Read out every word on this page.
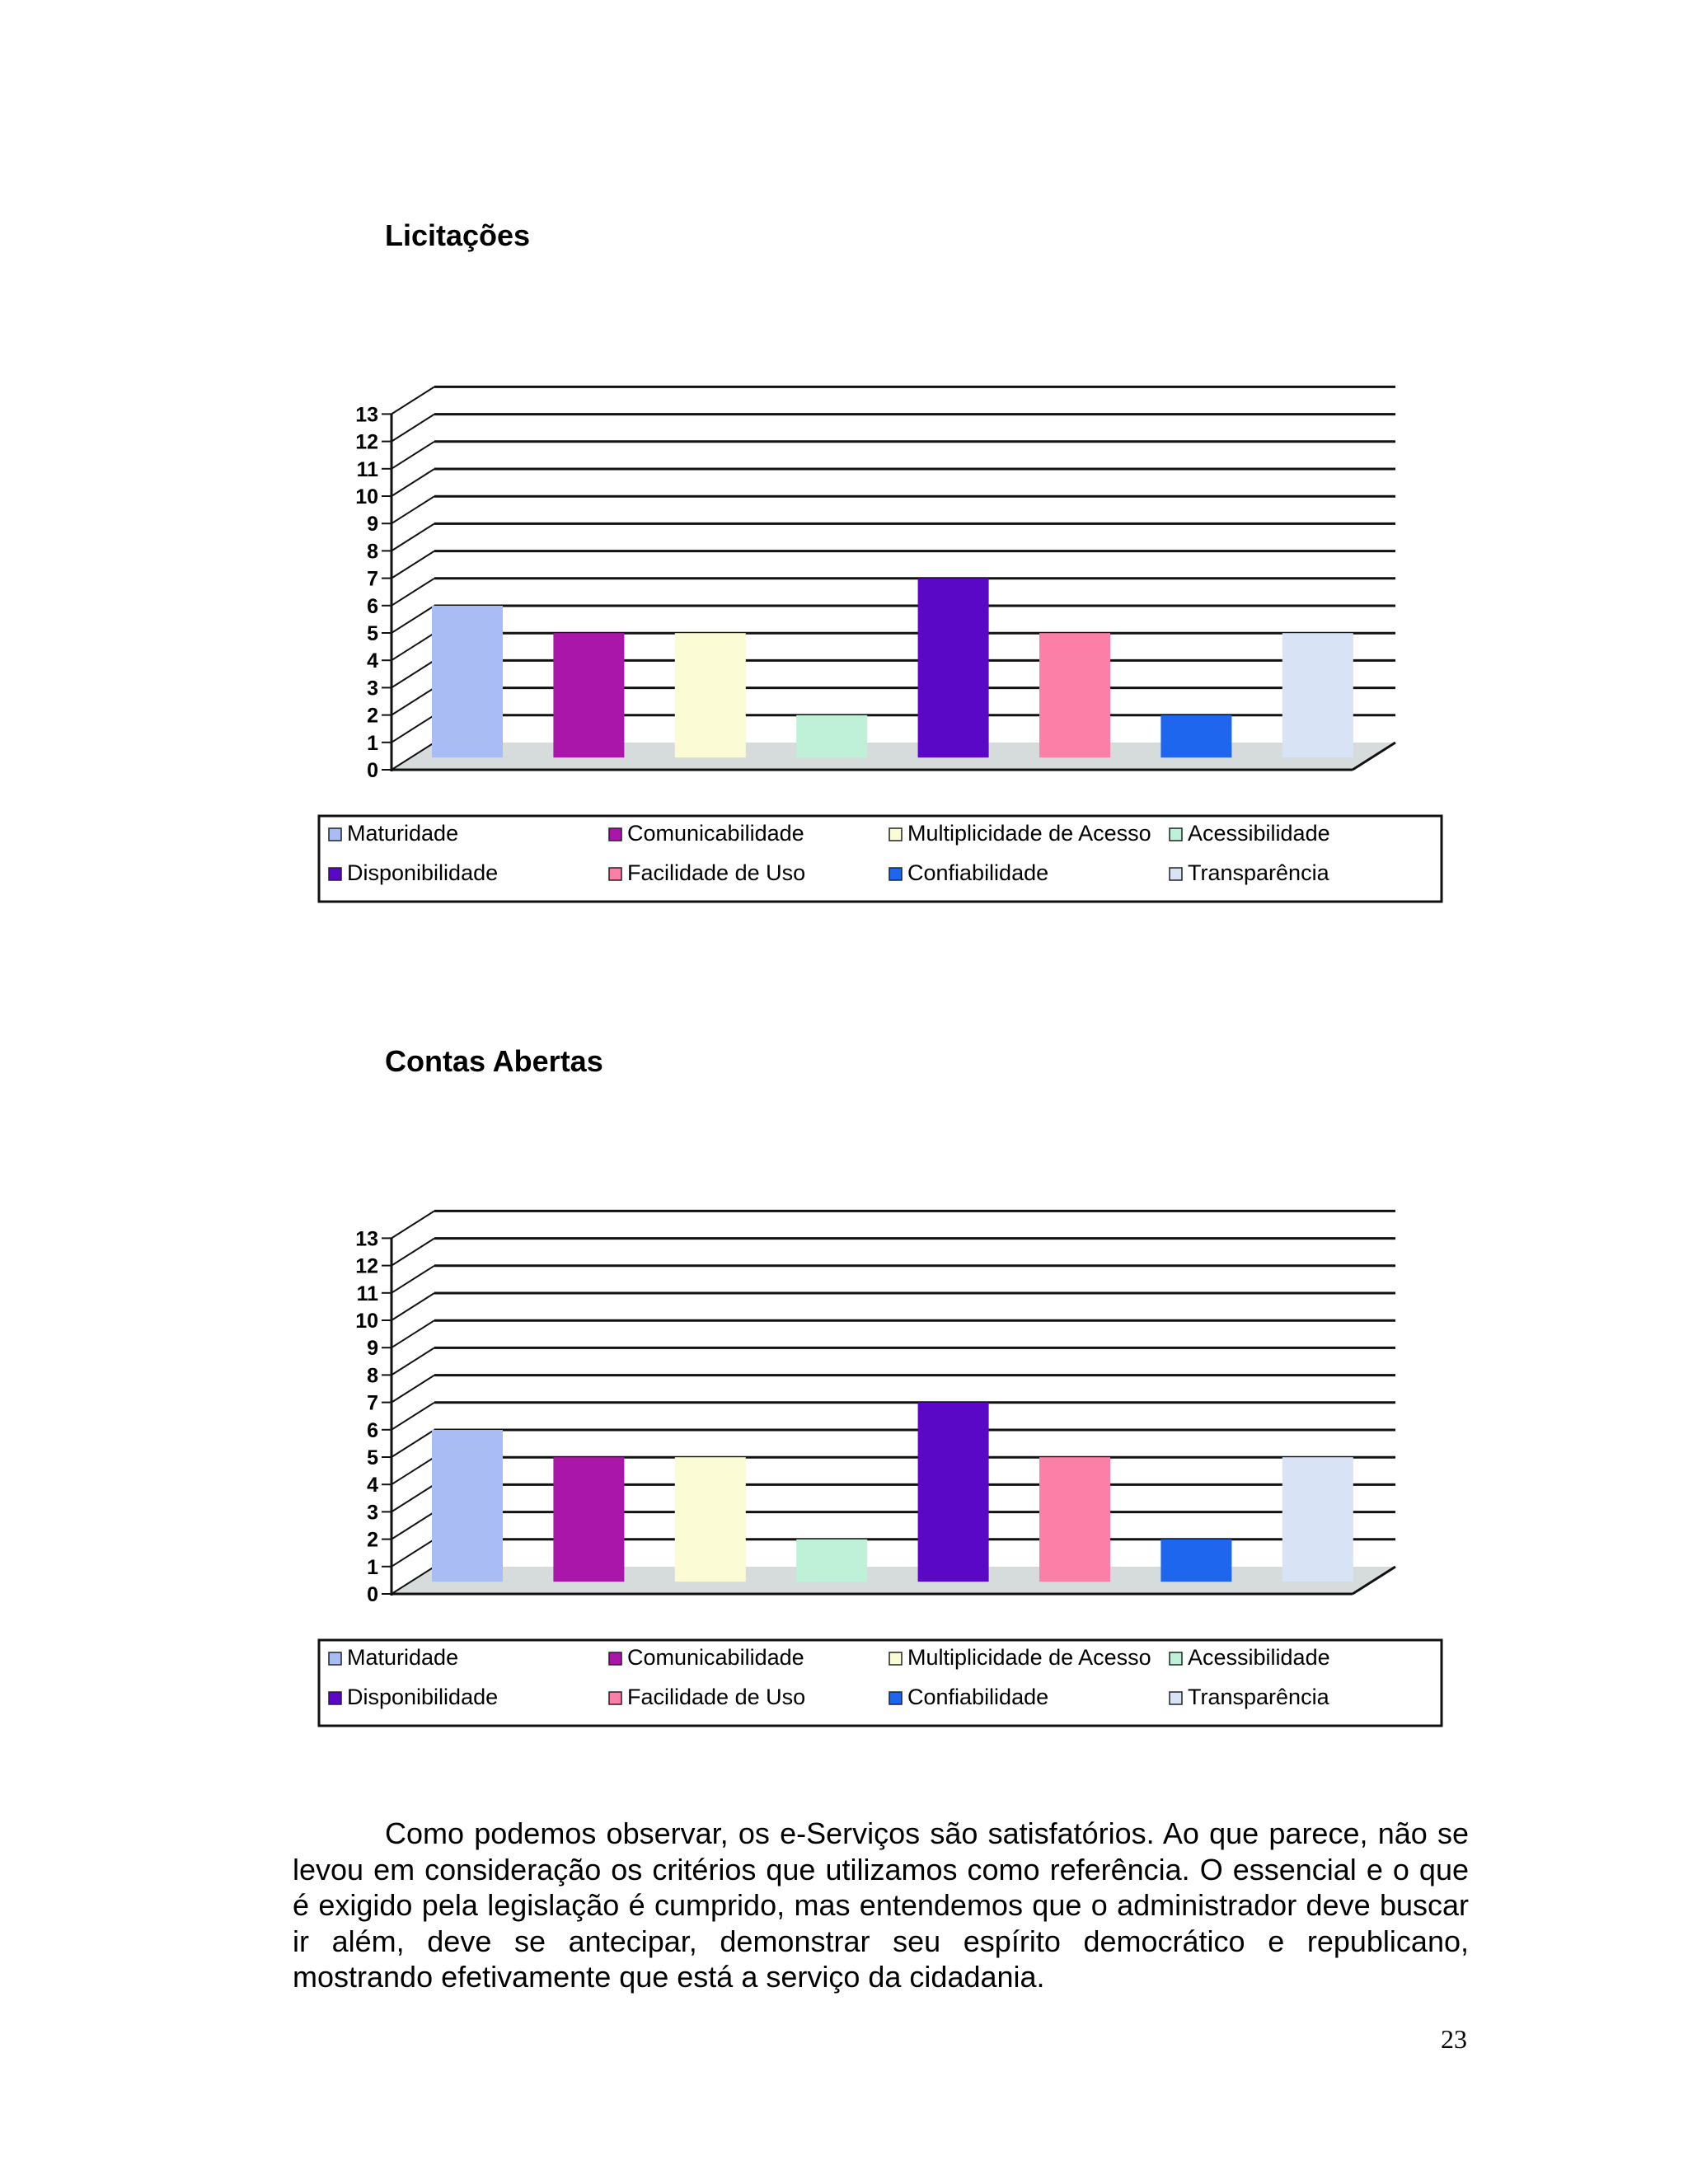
Licitações
0
1
2
3
4
5
6
7
8
9
10
11
12
13
Maturidade	Comunicabilidade	Multiplicidade de Acesso Acessibilidade
Disponibilidade	Facilidade de Uso	Confiabilidade	Transparência
Contas Abertas
0
1
2
3
4
5
6
7
8
9
10
11
12
13
Maturidade	Comunicabilidade	Multiplicidade de Acesso Acessibilidade
Disponibilidade	Facilidade de Uso	Confiabilidade	Transparência

Como podemos observar, os e-Serviços são satisfatórios. Ao que parece, não se levou em consideração os critérios que utilizamos como referência. O essencial e o que é exigido pela legislação é cumprido, mas entendemos que o administrador deve buscar ir além, deve se antecipar, demonstrar seu espírito democrático e republicano, mostrando efetivamente que está a serviço da cidadania.

23
